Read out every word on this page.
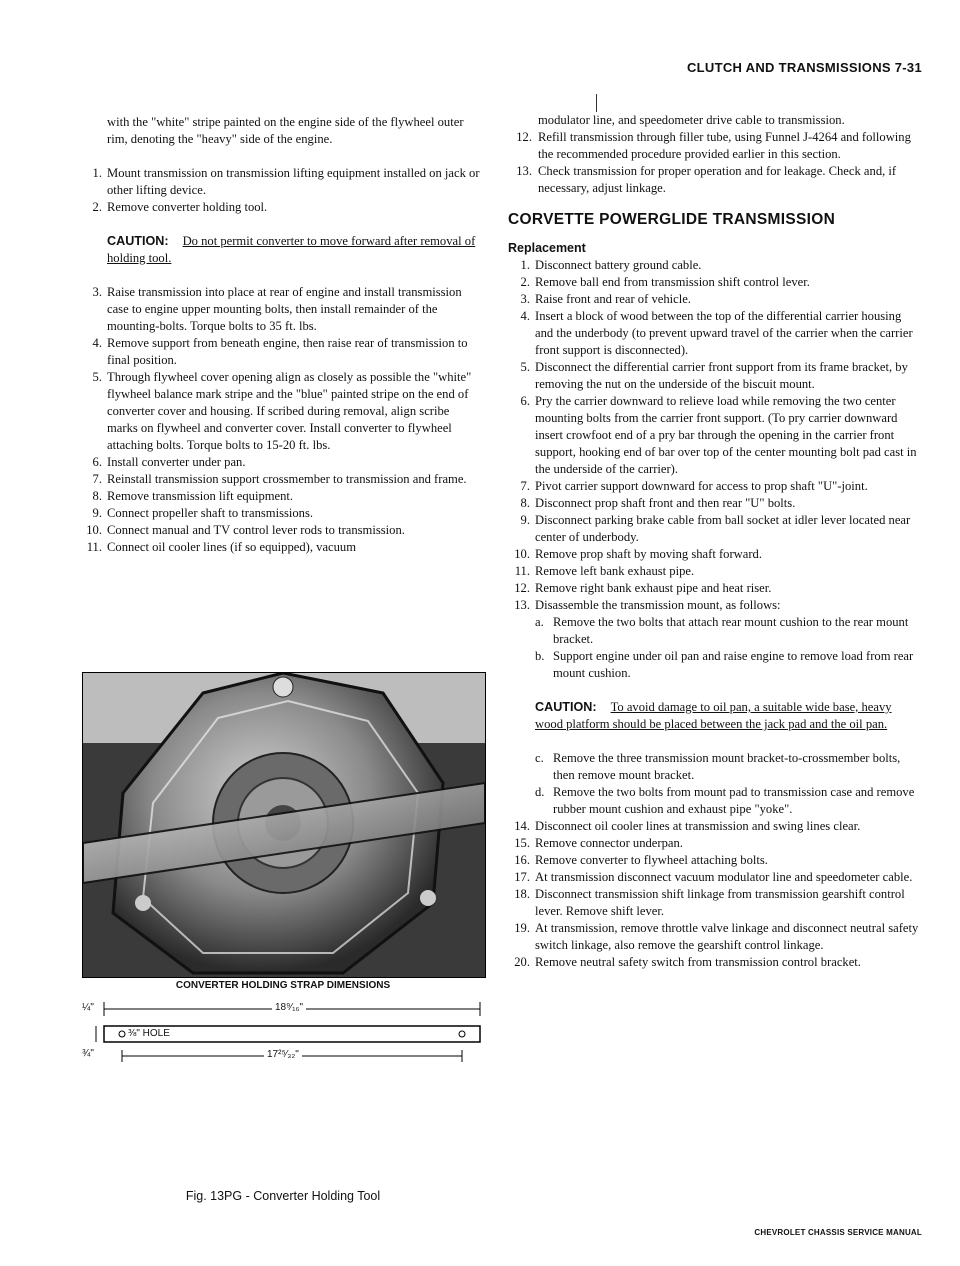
CLUTCH AND TRANSMISSIONS 7-31

with the "white" stripe painted on the engine side of the flywheel outer rim, denoting the "heavy" side of the engine.

1. Mount transmission on transmission lifting equipment installed on jack or other lifting device.
2. Remove converter holding tool.

CAUTION: Do not permit converter to move forward after removal of holding tool.

3. Raise transmission into place at rear of engine and install transmission case to engine upper mounting bolts, then install remainder of the mounting-bolts. Torque bolts to 35 ft. lbs.
4. Remove support from beneath engine, then raise rear of transmission to final position.
5. Through flywheel cover opening align as closely as possible the "white" flywheel balance mark stripe and the "blue" painted stripe on the end of converter cover and housing. If scribed during removal, align scribe marks on flywheel and converter cover. Install converter to flywheel attaching bolts. Torque bolts to 15-20 ft. lbs.
6. Install converter under pan.
7. Reinstall transmission support crossmember to transmission and frame.
8. Remove transmission lift equipment.
9. Connect propeller shaft to transmissions.
10. Connect manual and TV control lever rods to transmission.
11. Connect oil cooler lines (if so equipped), vacuum
CONVERTER HOLDING STRAP DIMENSIONS
¼"	18⁹⁄₁₆"
⅜" HOLE
¾"	17²⁵⁄₃₂"
Fig. 13PG - Converter Holding Tool
modulator line, and speedometer drive cable to transmission.
12. Refill transmission through filler tube, using Funnel J-4264 and following the recommended procedure provided earlier in this section.
13. Check transmission for proper operation and for leakage. Check and, if necessary, adjust linkage.
CORVETTE POWERGLIDE TRANSMISSION
Replacement
1. Disconnect battery ground cable.
2. Remove ball end from transmission shift control lever.
3. Raise front and rear of vehicle.
4. Insert a block of wood between the top of the differential carrier housing and the underbody (to prevent upward travel of the carrier when the carrier front support is disconnected).
5. Disconnect the differential carrier front support from its frame bracket, by removing the nut on the underside of the biscuit mount.
6. Pry the carrier downward to relieve load while removing the two center mounting bolts from the carrier front support. (To pry carrier downward insert crowfoot end of a pry bar through the opening in the carrier front support, hooking end of bar over top of the center mounting bolt pad cast in the underside of the carrier).
7. Pivot carrier support downward for access to prop shaft "U"-joint.
8. Disconnect prop shaft front and then rear "U" bolts.
9. Disconnect parking brake cable from ball socket at idler lever located near center of underbody.
10. Remove prop shaft by moving shaft forward.
11. Remove left bank exhaust pipe.
12. Remove right bank exhaust pipe and heat riser.
13. Disassemble the transmission mount, as follows:
a. Remove the two bolts that attach rear mount cushion to the rear mount bracket.
b. Support engine under oil pan and raise engine to remove load from rear mount cushion.

CAUTION: To avoid damage to oil pan, a suitable wide base, heavy wood platform should be placed between the jack pad and the oil pan.

c. Remove the three transmission mount bracket-to-crossmember bolts, then remove mount bracket.
d. Remove the two bolts from mount pad to transmission case and remove rubber mount cushion and exhaust pipe "yoke".
14. Disconnect oil cooler lines at transmission and swing lines clear.
15. Remove connector underpan.
16. Remove converter to flywheel attaching bolts.
17. At transmission disconnect vacuum modulator line and speedometer cable.
18. Disconnect transmission shift linkage from transmission gearshift control lever. Remove shift lever.
19. At transmission, remove throttle valve linkage and disconnect neutral safety switch linkage, also remove the gearshift control linkage.
20. Remove neutral safety switch from transmission control bracket.
CHEVROLET CHASSIS SERVICE MANUAL
